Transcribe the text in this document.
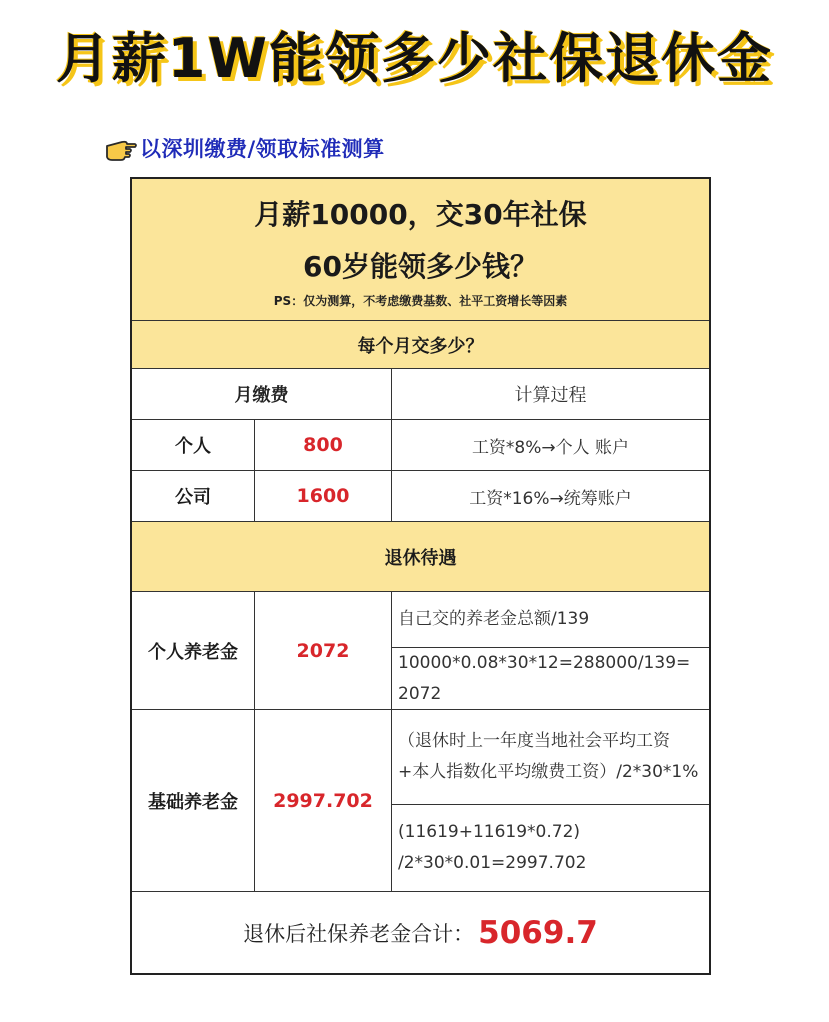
月薪1W能领多少社保退休金
以深圳缴费/领取标准测算
月薪10000，交30年社保
60岁能领多少钱？
PS：仅为测算，不考虑缴费基数、社平工资增长等因素
每个月交多少？
月缴费	计算过程
个人	800	工资*8%→个人 账户
公司	1600	工资*16%→统筹账户
退休待遇
个人养老金	2072
自己交的养老金总额/139
10000*0.08*30*12=288000/139=2072
基础养老金	2997.702
（退休时上一年度当地社会平均工资+本人指数化平均缴费工资）/2*30*1%
(11619+11619*0.72)
/2*30*0.01=2997.702
退休后社保养老金合计： 5069.7
